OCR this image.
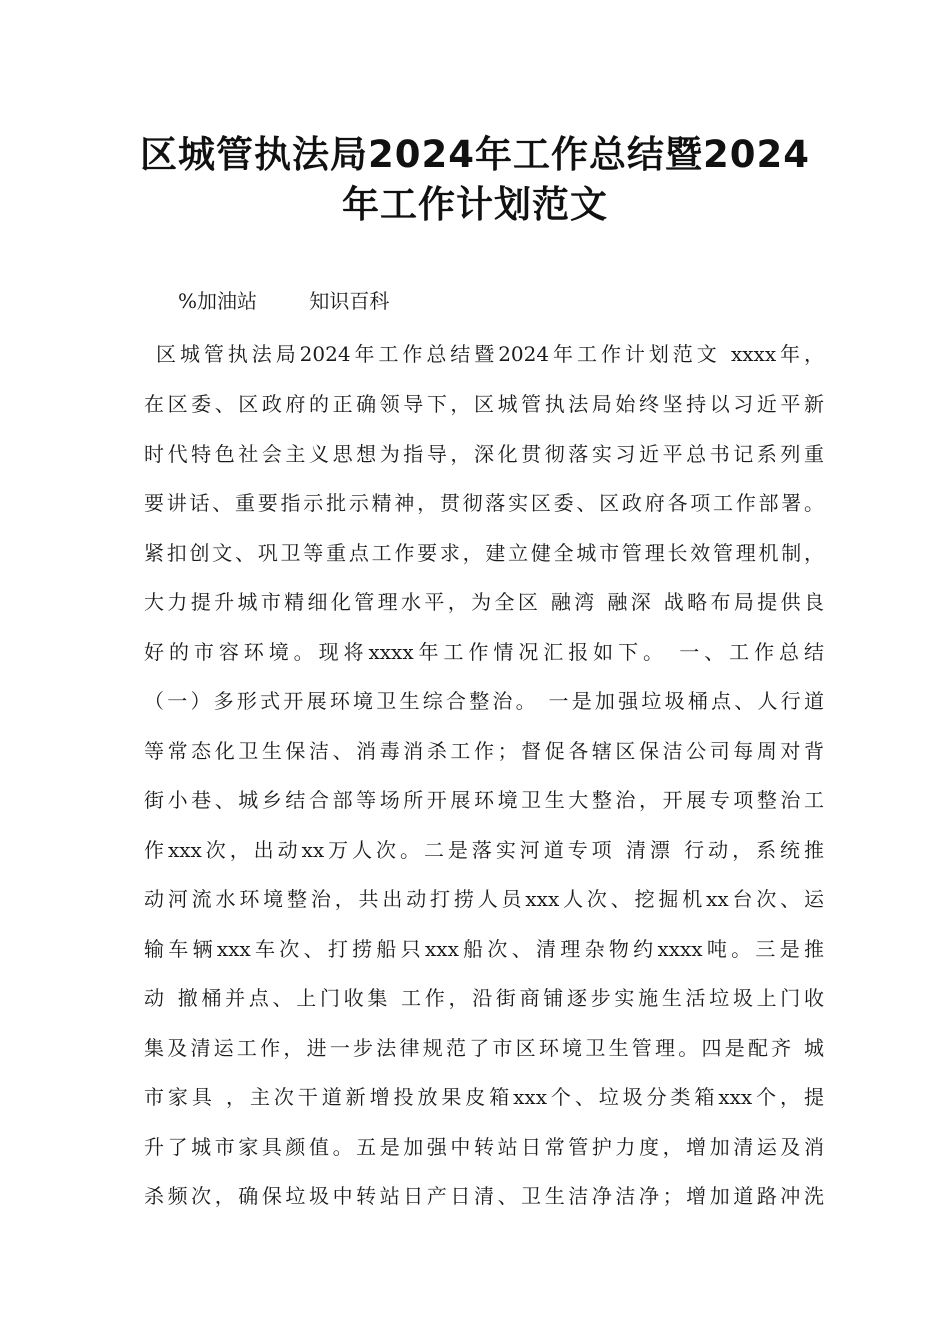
区城管执法局2024年工作总结暨2024
年工作计划范文
%加油站	知识百科
区城管执法局2024年工作总结暨2024年工作计划范文 xxxx年，
在区委、区政府的正确领导下，区城管执法局始终坚持以习近平新
时代特色社会主义思想为指导，深化贯彻落实习近平总书记系列重
要讲话、重要指示批示精神，贯彻落实区委、区政府各项工作部署。
紧扣创文、巩卫等重点工作要求，建立健全城市管理长效管理机制，
大力提升城市精细化管理水平，为全区 融湾 融深 战略布局提供良
好的市容环境。现将xxxx年工作情况汇报如下。 一、工作总结
（一）多形式开展环境卫生综合整治。 一是加强垃圾桶点、人行道
等常态化卫生保洁、消毒消杀工作；督促各辖区保洁公司每周对背
街小巷、城乡结合部等场所开展环境卫生大整治，开展专项整治工
作xxx次，出动xx万人次。二是落实河道专项 清漂 行动，系统推
动河流水环境整治，共出动打捞人员xxx人次、挖掘机xx台次、运
输车辆xxx车次、打捞船只xxx船次、清理杂物约xxxx吨。三是推
动 撤桶并点、上门收集 工作，沿街商铺逐步实施生活垃圾上门收
集及清运工作，进一步法律规范了市区环境卫生管理。四是配齐 城
市家具 ，主次干道新增投放果皮箱xxx个、垃圾分类箱xxx个，提
升了城市家具颜值。五是加强中转站日常管护力度，增加清运及消
杀频次，确保垃圾中转站日产日清、卫生洁净洁净；增加道路冲洗
